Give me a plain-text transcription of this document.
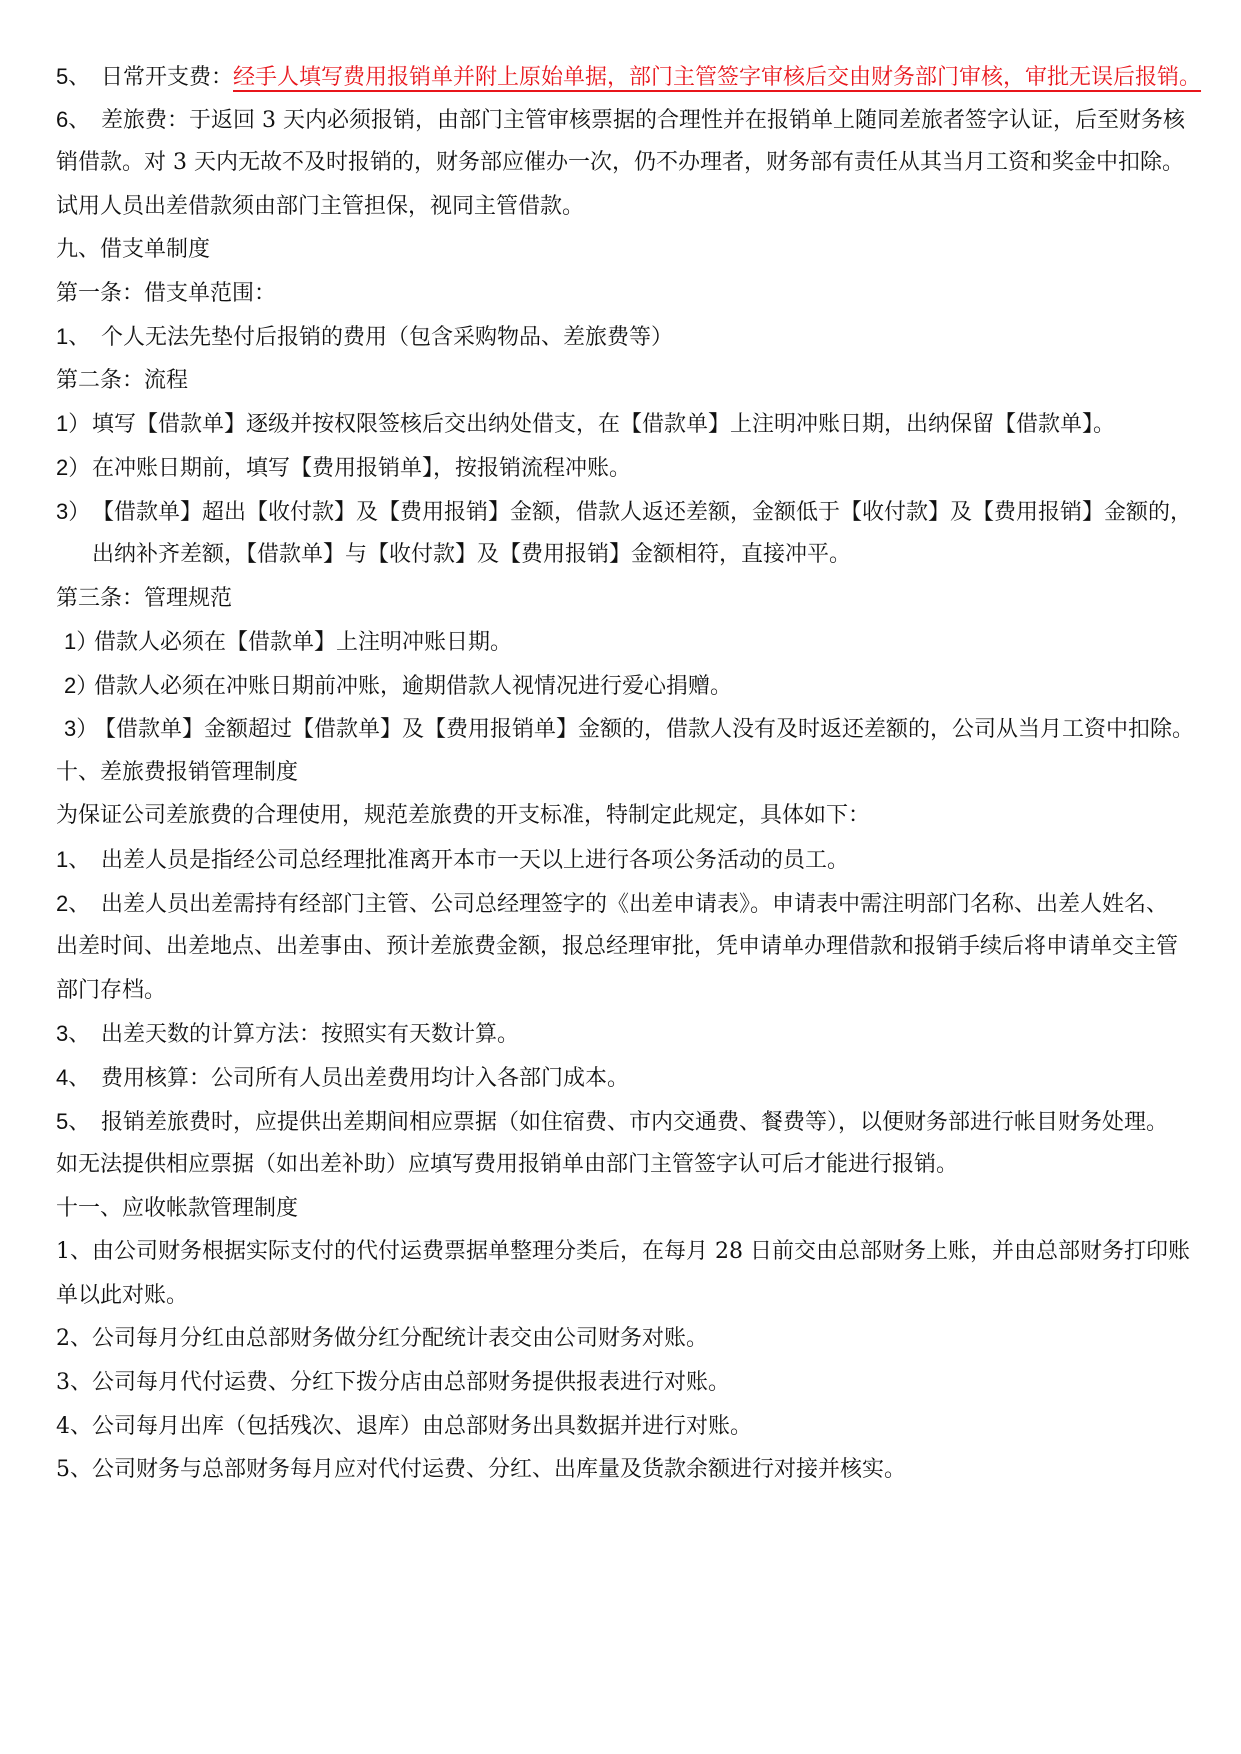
5、 日常开支费：经手人填写费用报销单并附上原始单据，部门主管签字审核后交由财务部门审核，审批无误后报销。
6、 差旅费：于返回 3 天内必须报销，由部门主管审核票据的合理性并在报销单上随同差旅者签字认证，后至财务核
销借款。对 3 天内无故不及时报销的，财务部应催办一次，仍不办理者，财务部有责任从其当月工资和奖金中扣除。
试用人员出差借款须由部门主管担保，视同主管借款。
九、借支单制度
第一条：借支单范围：
1、 个人无法先垫付后报销的费用（包含采购物品、差旅费等）
第二条：流程
1）填写【借款单】逐级并按权限签核后交出纳处借支，在【借款单】上注明冲账日期，出纳保留【借款单】。
2）在冲账日期前，填写【费用报销单】，按报销流程冲账。
3）【借款单】超出【收付款】及【费用报销】金额，借款人返还差额，金额低于【收付款】及【费用报销】金额的，
出纳补齐差额，【借款单】与【收付款】及【费用报销】金额相符，直接冲平。
第三条：管理规范
1）借款人必须在【借款单】上注明冲账日期。
2）借款人必须在冲账日期前冲账，逾期借款人视情况进行爱心捐赠。
3）【借款单】金额超过【借款单】及【费用报销单】金额的，借款人没有及时返还差额的，公司从当月工资中扣除。
十、差旅费报销管理制度
为保证公司差旅费的合理使用，规范差旅费的开支标准，特制定此规定，具体如下：
1、 出差人员是指经公司总经理批准离开本市一天以上进行各项公务活动的员工。
2、 出差人员出差需持有经部门主管、公司总经理签字的《出差申请表》。申请表中需注明部门名称、出差人姓名、
出差时间、出差地点、出差事由、预计差旅费金额，报总经理审批，凭申请单办理借款和报销手续后将申请单交主管
部门存档。
3、 出差天数的计算方法：按照实有天数计算。
4、 费用核算：公司所有人员出差费用均计入各部门成本。
5、 报销差旅费时，应提供出差期间相应票据（如住宿费、市内交通费、餐费等），以便财务部进行帐目财务处理。
如无法提供相应票据（如出差补助）应填写费用报销单由部门主管签字认可后才能进行报销。
十一、应收帐款管理制度
1、由公司财务根据实际支付的代付运费票据单整理分类后，在每月 28 日前交由总部财务上账，并由总部财务打印账
单以此对账。
2、公司每月分红由总部财务做分红分配统计表交由公司财务对账。
3、公司每月代付运费、分红下拨分店由总部财务提供报表进行对账。
4、公司每月出库（包括残次、退库）由总部财务出具数据并进行对账。
5、公司财务与总部财务每月应对代付运费、分红、出库量及货款余额进行对接并核实。
